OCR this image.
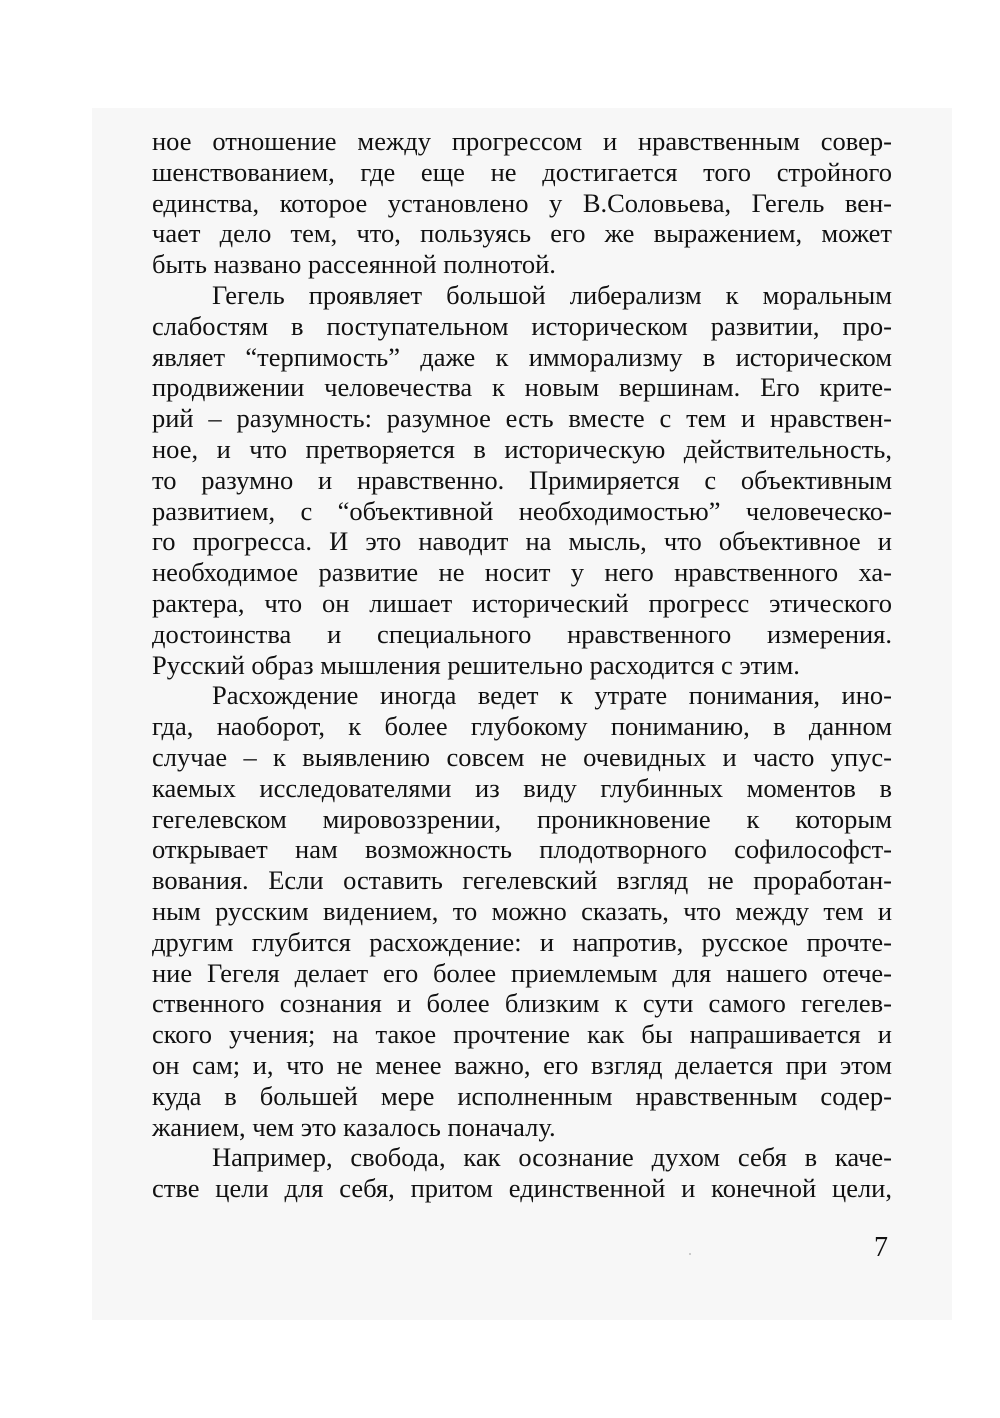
ное отношение между прогрессом и нравственным совер-
шенствованием, где еще не достигается того стройного
единства, которое установлено у В.Соловьева, Гегель вен-
чает дело тем, что, пользуясь его же выражением, может
быть названо рассеянной полнотой.
Гегель проявляет большой либерализм к моральным
слабостям в поступательном историческом развитии, про-
являет “терпимость” даже к имморализму в историческом
продвижении человечества к новым вершинам. Его крите-
рий – разумность: разумное есть вместе с тем и нравствен-
ное, и что претворяется в историческую действительность,
то разумно и нравственно. Примиряется с объективным
развитием, с “объективной необходимостью” человеческо-
го прогресса. И это наводит на мысль, что объективное и
необходимое развитие не носит у него нравственного ха-
рактера, что он лишает исторический прогресс этического
достоинства и специального нравственного измерения.
Русский образ мышления решительно расходится с этим.
Расхождение иногда ведет к утрате понимания, ино-
гда, наоборот, к более глубокому пониманию, в данном
случае – к выявлению совсем не очевидных и часто упус-
каемых исследователями из виду глубинных моментов в
гегелевском мировоззрении, проникновение к которым
открывает нам возможность плодотворного софилософст-
вования. Если оставить гегелевский взгляд не проработан-
ным русским видением, то можно сказать, что между тем и
другим глубится расхождение: и напротив, русское прочте-
ние Гегеля делает его более приемлемым для нашего отече-
ственного сознания и более близким к сути самого гегелев-
ского учения; на такое прочтение как бы напрашивается и
он сам; и, что не менее важно, его взгляд делается при этом
куда в большей мере исполненным нравственным содер-
жанием, чем это казалось поначалу.
Например, свобода, как осознание духом себя в каче-
стве цели для себя, притом единственной и конечной цели,
7
